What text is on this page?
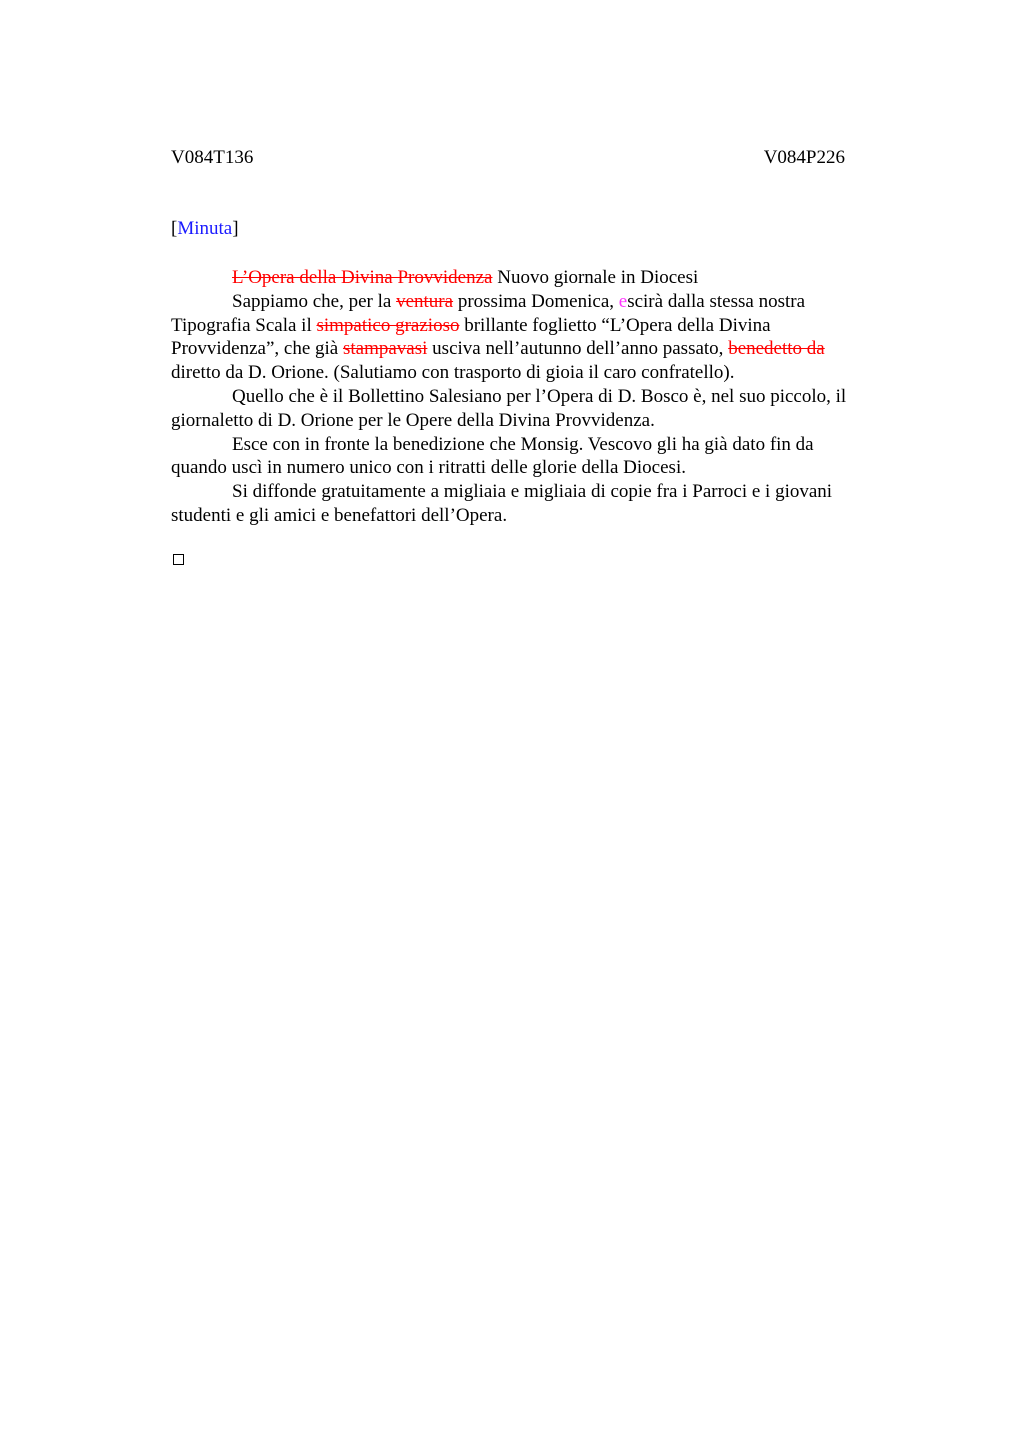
V084T136	V084P226
[Minuta]

L’Opera della Divina Provvidenza Nuovo giornale in Diocesi

Sappiamo che, per la ventura prossima Domenica, escirà dalla stessa nostra
Tipografia Scala il simpatico grazioso brillante foglietto “L’Opera della Divina
Provvidenza”, che già stampavasi usciva nell’autunno dell’anno passato, benedetto da
diretto da D. Orione. (Salutiamo con trasporto di gioia il caro confratello).

Quello che è il Bollettino Salesiano per l’Opera di D. Bosco è, nel suo piccolo, il
giornaletto di D. Orione per le Opere della Divina Provvidenza.

Esce con in fronte la benedizione che Monsig. Vescovo gli ha già dato fin da
quando uscì in numero unico con i ritratti delle glorie della Diocesi.

Si diffonde gratuitamente a migliaia e migliaia di copie fra i Parroci e i giovani
studenti e gli amici e benefattori dell’Opera.
